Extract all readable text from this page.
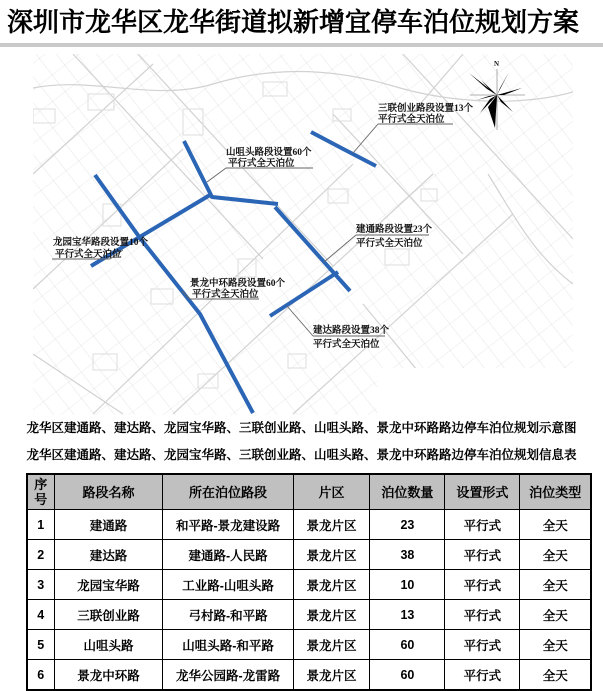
深圳市龙华区龙华街道拟新增宜停车泊位规划方案
三联创业路段设置13个
平行式全天泊位
山咀头路段设置60个
平行式全天泊位
建通路段设置23个
平行式全天泊位
建达路段设置38个
平行式全天泊位
龙园宝华路段设置10个
平行式全天泊位
景龙中环路段设置60个
平行式全天泊位
N
龙华区建通路、建达路、龙园宝华路、三联创业路、山咀头路、景龙中环路路边停车泊位规划示意图
龙华区建通路、建达路、龙园宝华路、三联创业路、山咀头路、景龙中环路路边停车泊位规划信息表
序号	路段名称	所在泊位路段	片区	泊位数量	设置形式	泊位类型
1	建通路	和平路-景龙建设路	景龙片区	23	平行式	全天
2	建达路	建通路-人民路	景龙片区	38	平行式	全天
3	龙园宝华路	工业路-山咀头路	景龙片区	10	平行式	全天
4	三联创业路	弓村路-和平路	景龙片区	13	平行式	全天
5	山咀头路	山咀头路-和平路	景龙片区	60	平行式	全天
6	景龙中环路	龙华公园路-龙雷路	景龙片区	60	平行式	全天
